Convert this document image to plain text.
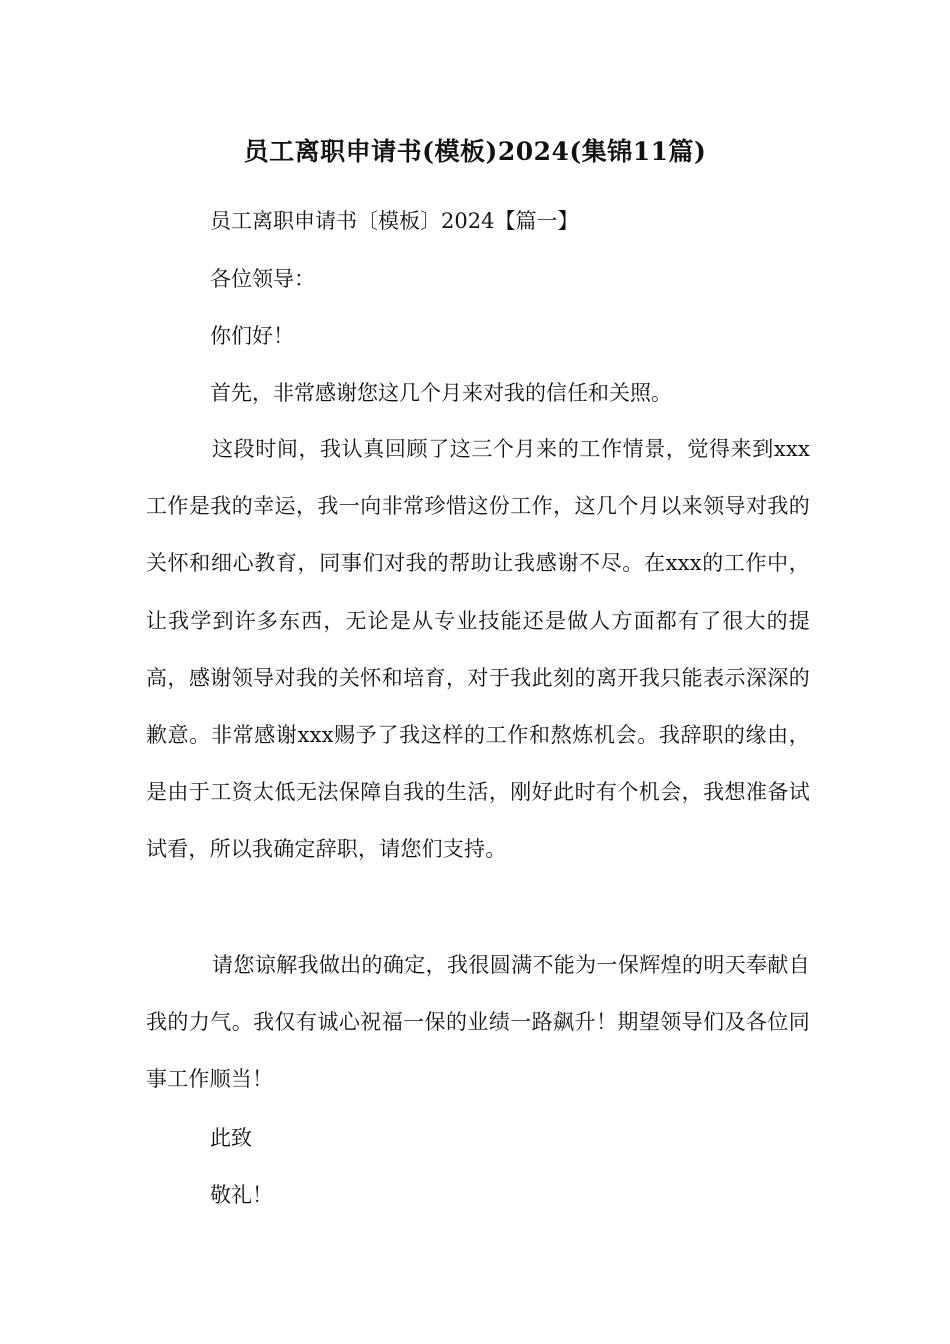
员工离职申请书(模板)2024(集锦11篇)
员工离职申请书〔模板〕2024【篇一】
各位领导：
你们好！
首先，非常感谢您这几个月来对我的信任和关照。
这段时间，我认真回顾了这三个月来的工作情景，觉得来到xxx工作是我的幸运，我一向非常珍惜这份工作，这几个月以来领导对我的关怀和细心教育，同事们对我的帮助让我感谢不尽。在xxx的工作中，让我学到许多东西，无论是从专业技能还是做人方面都有了很大的提高，感谢领导对我的关怀和培育，对于我此刻的离开我只能表示深深的歉意。非常感谢xxx赐予了我这样的工作和熬炼机会。我辞职的缘由，是由于工资太低无法保障自我的生活，刚好此时有个机会，我想准备试试看，所以我确定辞职，请您们支持。
请您谅解我做出的确定，我很圆满不能为一保辉煌的明天奉献自我的力气。我仅有诚心祝福一保的业绩一路飙升！期望领导们及各位同事工作顺当！
此致
敬礼！
